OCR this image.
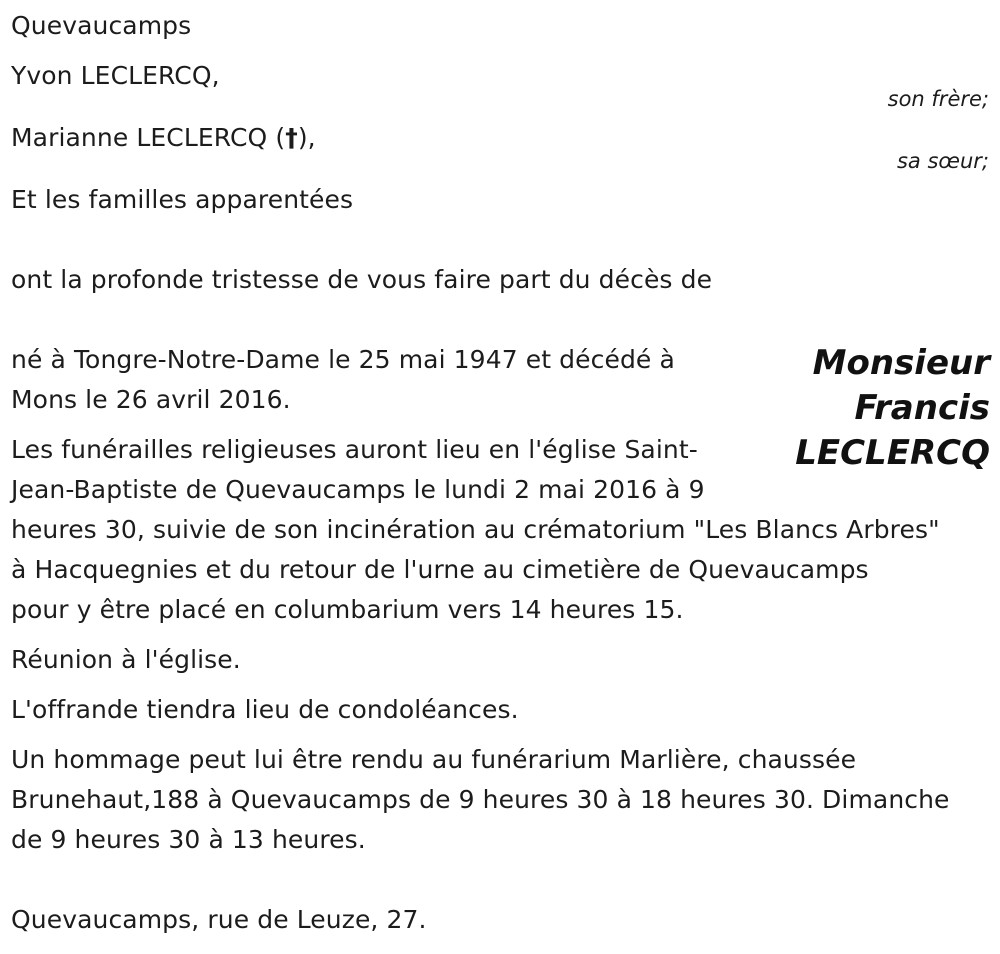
Quevaucamps
Yvon LECLERCQ,
son frère;
Marianne LECLERCQ (†),
sa sœur;
Et les familles apparentées
ont la profonde tristesse de vous faire part du décès de
Monsieur
Francis
LECLERCQ
né à Tongre-Notre-Dame le 25 mai 1947 et décédé à
Mons le 26 avril 2016.
Les funérailles religieuses auront lieu en l'église Saint-
Jean-Baptiste de Quevaucamps le lundi 2 mai 2016 à 9
heures 30, suivie de son incinération au crématorium "Les Blancs Arbres"
à Hacquegnies et du retour de l'urne au cimetière de Quevaucamps
pour y être placé en columbarium vers 14 heures 15.
Réunion à l'église.
L'offrande tiendra lieu de condoléances.
Un hommage peut lui être rendu au funérarium Marlière, chaussée
Brunehaut,188 à Quevaucamps de 9 heures 30 à 18 heures 30. Dimanche
de 9 heures 30 à 13 heures.
Quevaucamps, rue de Leuze, 27.
